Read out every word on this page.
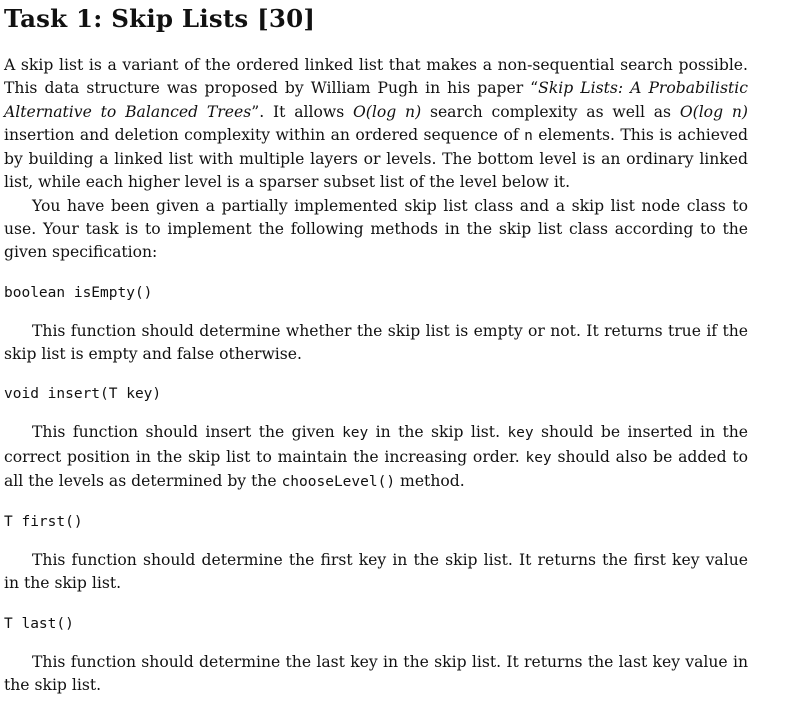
Task 1: Skip Lists [30]

A skip list is a variant of the ordered linked list that makes a non-sequential search possible. This data structure was proposed by William Pugh in his paper “Skip Lists: A Probabilistic Alternative to Balanced Trees”. It allows O(log n) search complexity as well as O(log n) insertion and deletion complexity within an ordered sequence of n elements. This is achieved by building a linked list with multiple layers or levels. The bottom level is an ordinary linked list, while each higher level is a sparser subset list of the level below it.

You have been given a partially implemented skip list class and a skip list node class to use. Your task is to implement the following methods in the skip list class according to the given specification:

boolean isEmpty()

This function should determine whether the skip list is empty or not. It returns true if the skip list is empty and false otherwise.

void insert(T key)

This function should insert the given key in the skip list. key should be inserted in the correct position in the skip list to maintain the increasing order. key should also be added to all the levels as determined by the chooseLevel() method.

T first()

This function should determine the first key in the skip list. It returns the first key value in the skip list.

T last()

This function should determine the last key in the skip list. It returns the last key value in the skip list.
